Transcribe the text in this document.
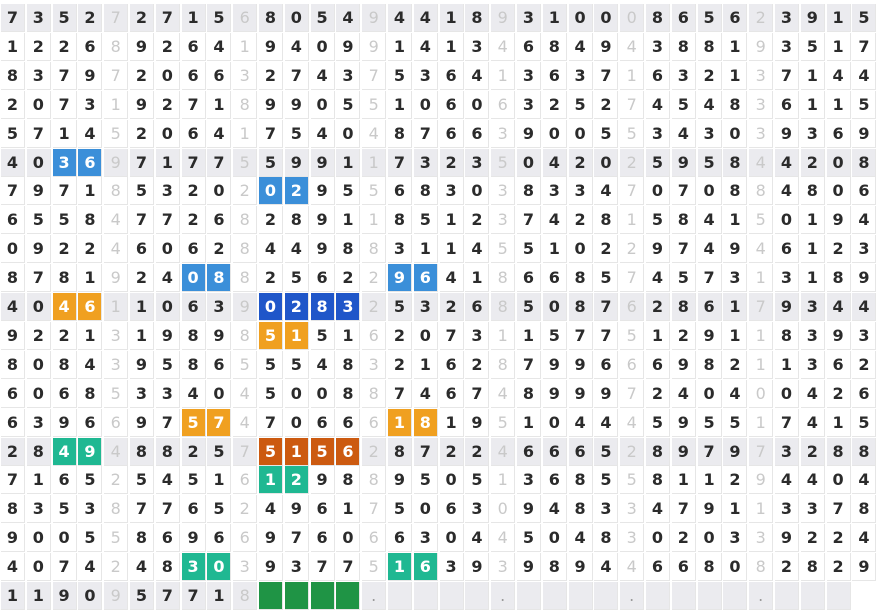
7 3 5 2 7 2 7 1 5 6 8 0 5 4 9 4 4 1 8 9 3 1 0 0 0 8 6 5 6 2 3 9 1 5
1 2 2 6 8 9 2 6 4 1 9 4 0 9 9 1 4 1 3 4 6 8 4 9 4 3 8 8 1 9 3 5 1 7
8 3 7 9 7 2 0 6 6 3 2 7 4 3 7 5 3 6 4 1 3 6 3 7 1 6 3 2 1 3 7 1 4 4
2 0 7 3 1 9 2 7 1 8 9 9 0 5 5 1 0 6 0 6 3 2 5 2 7 4 5 4 8 3 6 1 1 5
5 7 1 4 5 2 0 6 4 1 7 5 4 0 4 8 7 6 6 3 9 0 0 5 5 3 4 3 0 3 9 3 6 9
4 0 3 6 9 7 1 7 7 5 5 9 9 1 1 7 3 2 3 5 0 4 2 0 2 5 9 5 8 4 4 2 0 8
7 9 7 1 8 5 3 2 0 2 0 2 9 5 5 6 8 3 0 3 8 3 3 4 7 0 7 0 8 8 4 8 0 6
6 5 5 8 4 7 7 2 6 8 2 8 9 1 1 8 5 1 2 3 7 4 2 8 1 5 8 4 1 5 0 1 9 4
0 9 2 2 4 6 0 6 2 8 4 4 9 8 8 3 1 1 4 5 5 1 0 2 2 9 7 4 9 4 6 1 2 3
8 7 8 1 9 2 4 0 8 8 2 5 6 2 2 9 6 4 1 8 6 6 8 5 7 4 5 7 3 1 3 1 8 9
4 0 4 6 1 1 0 6 3 9 0 2 8 3 2 5 3 2 6 8 5 0 8 7 6 2 8 6 1 7 9 3 4 4
9 2 2 1 3 1 9 8 9 8 5 1 5 1 6 2 0 7 3 1 1 5 7 7 5 1 2 9 1 1 8 3 9 3
8 0 8 4 3 9 5 8 6 5 5 5 4 8 3 2 1 6 2 8 7 9 9 6 6 6 9 8 2 1 1 3 6 2
6 0 6 8 5 3 3 4 0 4 5 0 0 8 8 7 4 6 7 4 8 9 9 9 7 2 4 0 4 0 0 4 2 6
6 3 9 6 6 9 7 5 7 4 7 0 6 6 6 1 8 1 9 5 1 0 4 4 4 5 9 5 5 1 7 4 1 5
2 8 4 9 4 8 8 2 5 7 5 1 5 6 2 8 7 2 2 4 6 6 6 5 2 8 9 7 9 7 3 2 8 8
7 1 6 5 2 5 4 5 1 6 1 2 9 8 8 9 5 0 5 1 3 6 8 5 5 8 1 1 2 9 4 4 0 4
8 3 5 3 8 7 7 6 5 2 4 9 6 1 7 5 0 6 3 0 9 4 8 3 3 4 7 9 1 1 3 3 7 8
9 0 0 5 5 8 6 9 6 6 9 7 6 0 6 6 3 0 4 4 5 0 4 8 3 0 2 0 3 3 9 2 2 4
4 0 7 4 2 4 8 3 0 3 9 3 7 7 5 1 6 3 9 3 9 8 9 4 4 6 6 8 0 8 2 8 2 9
1 1 9 0 9 5 7 7 1 8	.	.	.	.
